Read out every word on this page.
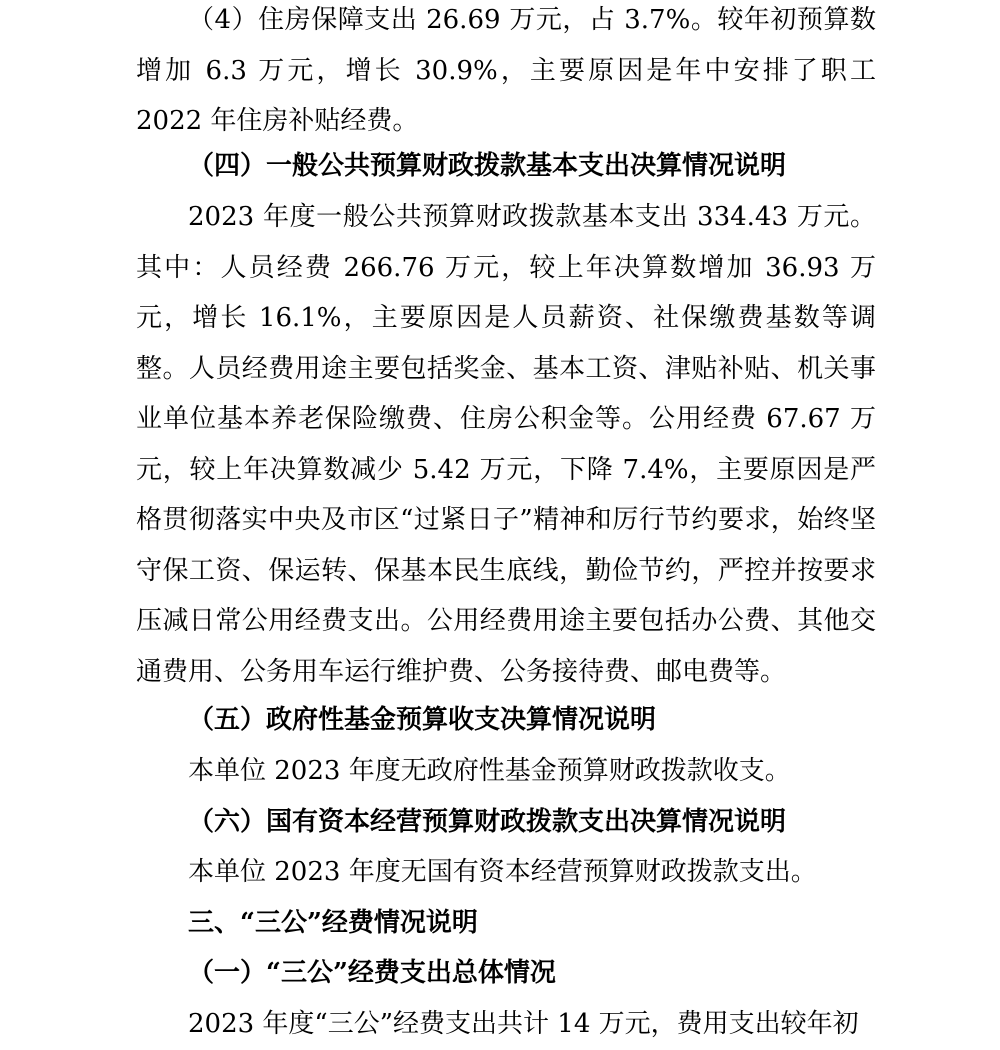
（4）住房保障支出 26.69 万元，占 3.7%。较年初预算数增加 6.3 万元，增长 30.9%，主要原因是年中安排了职工 2022 年住房补贴经费。

（四）一般公共预算财政拨款基本支出决算情况说明

2023 年度一般公共预算财政拨款基本支出 334.43 万元。其中：人员经费 266.76 万元，较上年决算数增加 36.93 万元，增长 16.1%，主要原因是人员薪资、社保缴费基数等调整。人员经费用途主要包括奖金、基本工资、津贴补贴、机关事业单位基本养老保险缴费、住房公积金等。公用经费 67.67 万元，较上年决算数减少 5.42 万元，下降 7.4%，主要原因是严格贯彻落实中央及市区“过紧日子”精神和厉行节约要求，始终坚守保工资、保运转、保基本民生底线，勤俭节约，严控并按要求压减日常公用经费支出。公用经费用途主要包括办公费、其他交通费用、公务用车运行维护费、公务接待费、邮电费等。

（五）政府性基金预算收支决算情况说明

本单位 2023 年度无政府性基金预算财政拨款收支。

（六）国有资本经营预算财政拨款支出决算情况说明

本单位 2023 年度无国有资本经营预算财政拨款支出。

三、“三公”经费情况说明

（一）“三公”经费支出总体情况

2023 年度“三公”经费支出共计 14 万元，费用支出较年初
